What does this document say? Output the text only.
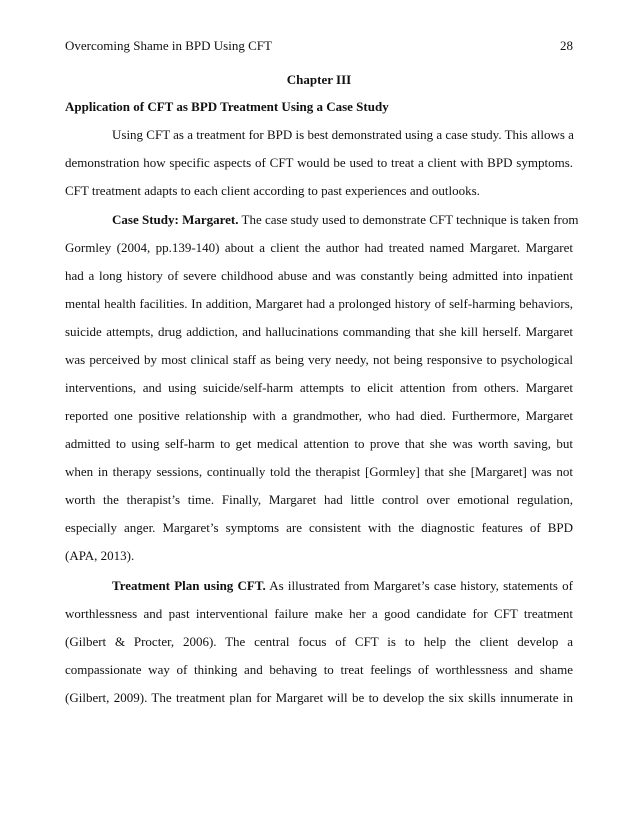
Overcoming Shame in BPD Using CFT	28
Chapter III
Application of CFT as BPD Treatment Using a Case Study
Using CFT as a treatment for BPD is best demonstrated using a case study. This allows a
demonstration how specific aspects of CFT would be used to treat a client with BPD symptoms.
CFT treatment adapts to each client according to past experiences and outlooks.
Case Study: Margaret. The case study used to demonstrate CFT technique is taken from
Gormley (2004, pp.139-140) about a client the author had treated named Margaret. Margaret
had a long history of severe childhood abuse and was constantly being admitted into inpatient
mental health facilities. In addition, Margaret had a prolonged history of self-harming behaviors,
suicide attempts, drug addiction, and hallucinations commanding that she kill herself. Margaret
was perceived by most clinical staff as being very needy, not being responsive to psychological
interventions, and using suicide/self-harm attempts to elicit attention from others. Margaret
reported one positive relationship with a grandmother, who had died. Furthermore, Margaret
admitted to using self-harm to get medical attention to prove that she was worth saving, but
when in therapy sessions, continually told the therapist [Gormley] that she [Margaret] was not
worth the therapist’s time. Finally, Margaret had little control over emotional regulation,
especially anger. Margaret’s symptoms are consistent with the diagnostic features of BPD
(APA, 2013).
Treatment Plan using CFT. As illustrated from Margaret’s case history, statements of
worthlessness and past interventional failure make her a good candidate for CFT treatment
(Gilbert & Procter, 2006). The central focus of CFT is to help the client develop a
compassionate way of thinking and behaving to treat feelings of worthlessness and shame
(Gilbert, 2009). The treatment plan for Margaret will be to develop the six skills innumerate in
